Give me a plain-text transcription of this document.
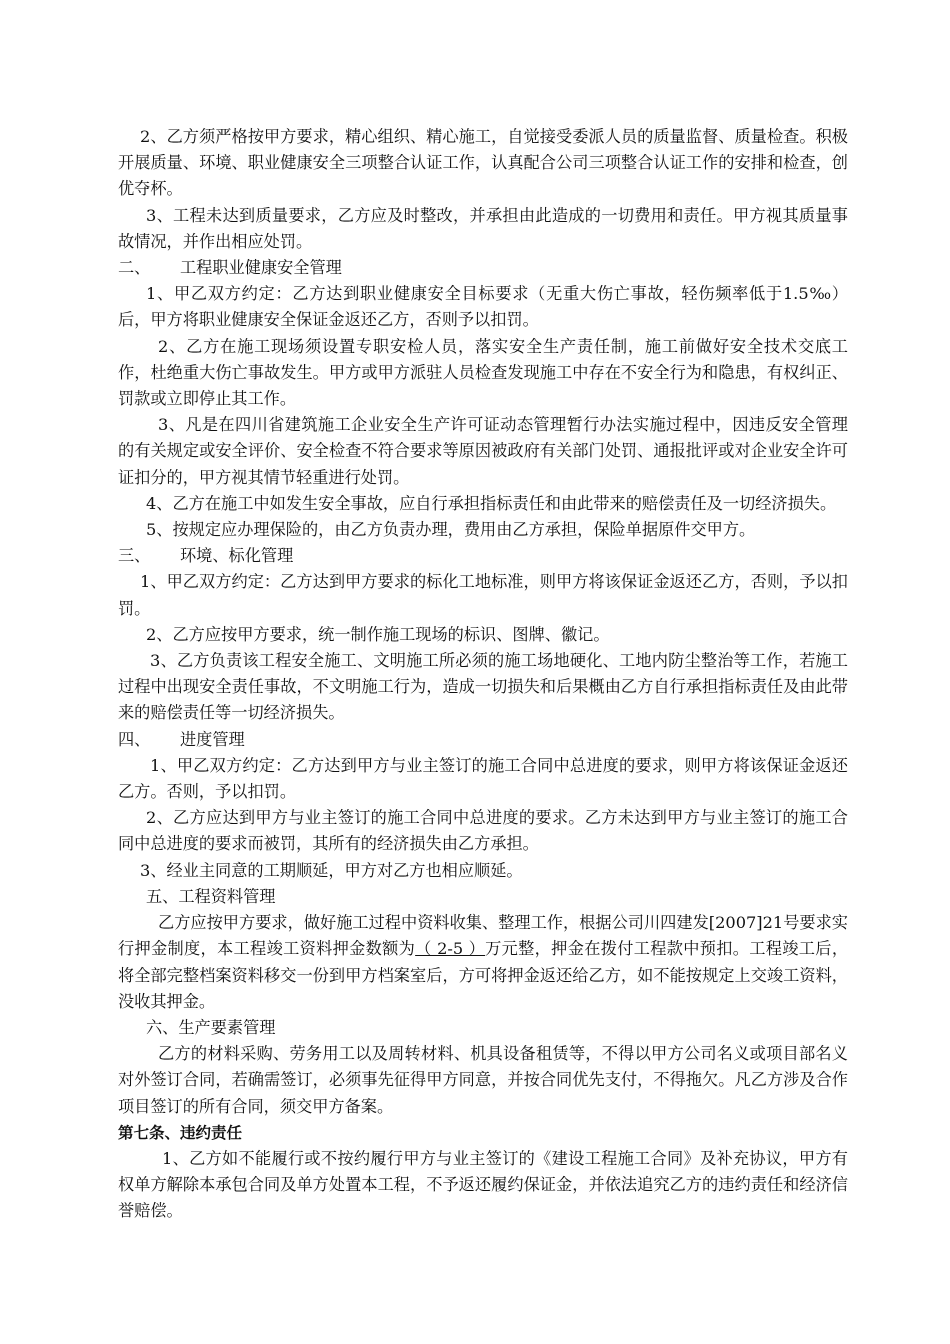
2、乙方须严格按甲方要求，精心组织、精心施工，自觉接受委派人员的质量监督、质量检查。积极开展质量、环境、职业健康安全三项整合认证工作，认真配合公司三项整合认证工作的安排和检查，创优夺杯。

3、工程未达到质量要求，乙方应及时整改，并承担由此造成的一切费用和责任。甲方视其质量事故情况，并作出相应处罚。

二、 工程职业健康安全管理

1、甲乙双方约定：乙方达到职业健康安全目标要求（无重大伤亡事故，轻伤频率低于1.5‰）后，甲方将职业健康安全保证金返还乙方，否则予以扣罚。

2、乙方在施工现场须设置专职安检人员，落实安全生产责任制，施工前做好安全技术交底工作，杜绝重大伤亡事故发生。甲方或甲方派驻人员检查发现施工中存在不安全行为和隐患，有权纠正、罚款或立即停止其工作。

3、凡是在四川省建筑施工企业安全生产许可证动态管理暂行办法实施过程中，因违反安全管理的有关规定或安全评价、安全检查不符合要求等原因被政府有关部门处罚、通报批评或对企业安全许可证扣分的，甲方视其情节轻重进行处罚。

4、乙方在施工中如发生安全事故，应自行承担指标责任和由此带来的赔偿责任及一切经济损失。

5、按规定应办理保险的，由乙方负责办理，费用由乙方承担，保险单据原件交甲方。

三、 环境、标化管理

1、甲乙双方约定：乙方达到甲方要求的标化工地标准，则甲方将该保证金返还乙方，否则，予以扣罚。

2、乙方应按甲方要求，统一制作施工现场的标识、图牌、徽记。

3、乙方负责该工程安全施工、文明施工所必须的施工场地硬化、工地内防尘整治等工作，若施工过程中出现安全责任事故，不文明施工行为，造成一切损失和后果概由乙方自行承担指标责任及由此带来的赔偿责任等一切经济损失。

四、 进度管理

1、甲乙双方约定：乙方达到甲方与业主签订的施工合同中总进度的要求，则甲方将该保证金返还乙方。否则，予以扣罚。

2、乙方应达到甲方与业主签订的施工合同中总进度的要求。乙方未达到甲方与业主签订的施工合同中总进度的要求而被罚，其所有的经济损失由乙方承担。

3、经业主同意的工期顺延，甲方对乙方也相应顺延。

五、工程资料管理

乙方应按甲方要求，做好施工过程中资料收集、整理工作，根据公司川四建发[2007]21号要求实行押金制度，本工程竣工资料押金数额为（ 2-5 ）万元整，押金在拨付工程款中预扣。工程竣工后，将全部完整档案资料移交一份到甲方档案室后，方可将押金返还给乙方，如不能按规定上交竣工资料，没收其押金。

六、生产要素管理

乙方的材料采购、劳务用工以及周转材料、机具设备租赁等，不得以甲方公司名义或项目部名义对外签订合同，若确需签订，必须事先征得甲方同意，并按合同优先支付，不得拖欠。凡乙方涉及合作项目签订的所有合同，须交甲方备案。

第七条、违约责任

1、乙方如不能履行或不按约履行甲方与业主签订的《建设工程施工合同》及补充协议，甲方有权单方解除本承包合同及单方处置本工程，不予返还履约保证金，并依法追究乙方的违约责任和经济信誉赔偿。
